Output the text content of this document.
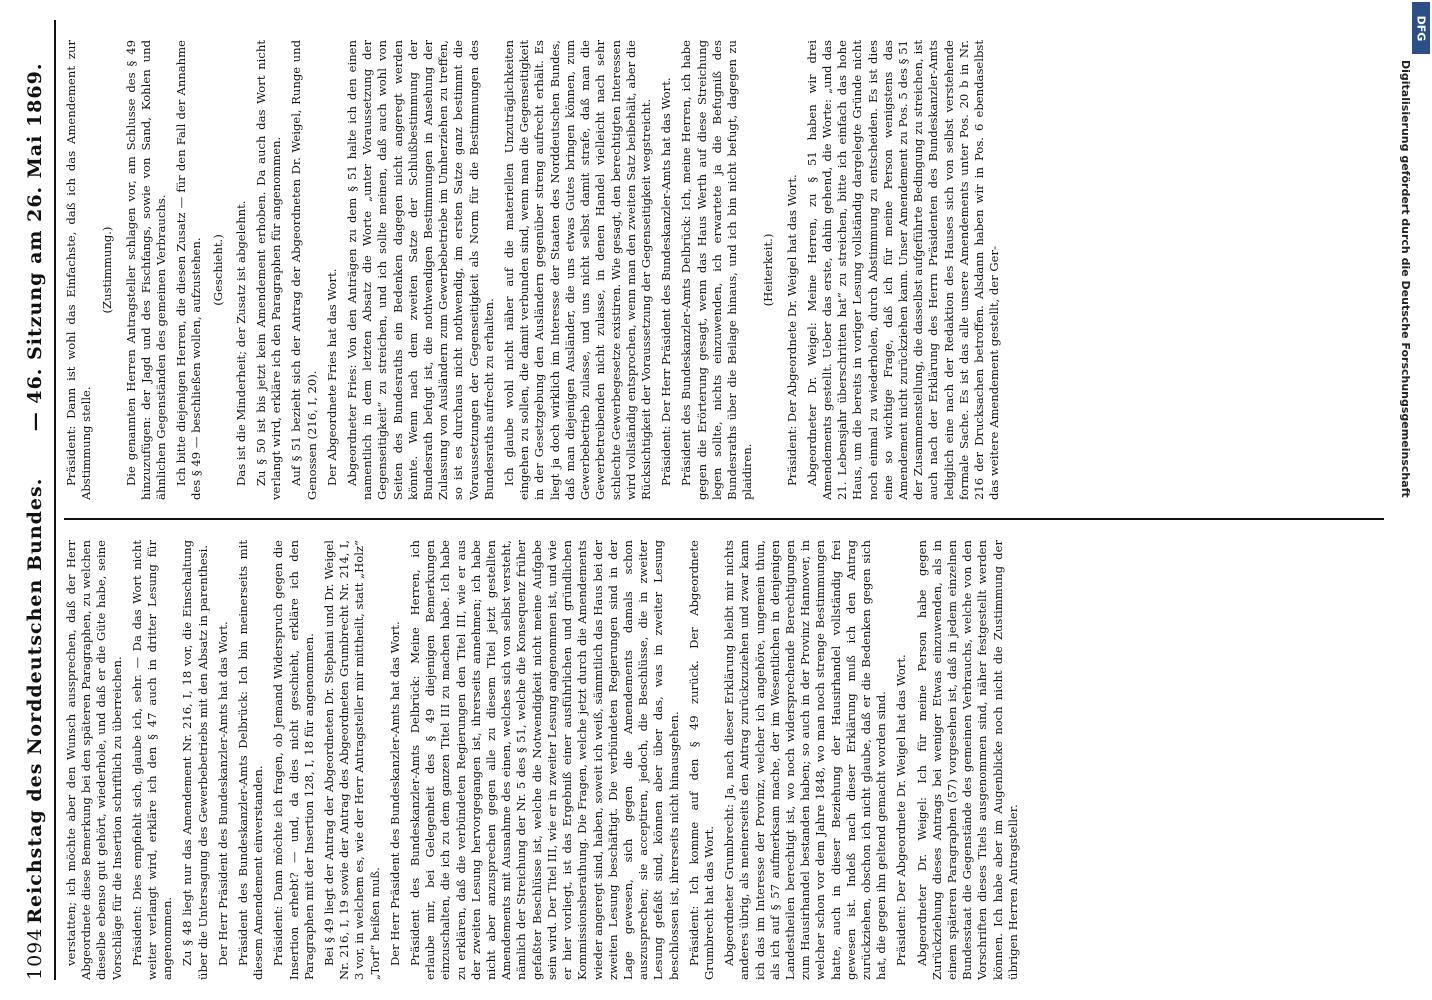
1094
Reichstag des Norddeutschen Bundes.
— 46. Sitzung am 26. Mai 1869.

verstatten; ich möchte aber den Wunsch aussprechen, daß der Herr Abgeordnete diese Bemerkung bei den späteren Paragraphen, zu welchen dieselbe ebenso gut gehört, wiederhole, und daß er die Güte habe, seine Vorschläge für die Insertion schriftlich zu überreichen. Präsident: Dies empfiehlt sich, glaube ich, sehr. — Da das Wort nicht weiter verlangt wird, erkläre ich den § 47 auch in dritter Lesung für angenommen. Zu § 48 liegt nur das Amendement Nr. 216, I, 18 vor, die Einschaltung über die Untersagung des Gewerbebetriebs mit den Absatz in parenthesi. Der Herr Präsident des Bundeskanzler-Amts hat das Wort. Präsident des Bundeskanzler-Amts Delbrück: Ich bin meinerseits mit diesem Amendement einverstanden. Präsident: Dann möchte ich fragen, ob Jemand Widerspruch gegen die Insertion erhebt? — und, da dies nicht geschieht, erkläre ich den Paragraphen mit der Insertion 128, I, 18 für angenommen. Bei § 49 liegt der Antrag der Abgeordneten Dr. Stephani und Dr. Weigel Nr. 216, I, 19 sowie der Antrag des Abgeordneten Grumbrecht Nr. 214, I, 3 vor, in welchem es, wie der Herr Antragsteller mir mittheilt, statt „Holz“ „Torf“ heißen muß. Der Herr Präsident des Bundeskanzler-Amts hat das Wort. Präsident des Bundeskanzler-Amts Delbrück: Meine Herren, ich erlaube mir, bei Gelegenheit des § 49 diejenigen Bemerkungen einzuschalten, die ich zu dem ganzen Titel III zu machen habe. Ich habe zu erklären, daß die verbündeten Regierungen den Titel III, wie er aus der zweiten Lesung hervorgegangen ist, ihrerseits annehmen; ich habe nicht aber anzusprechen gegen alle zu diesem Titel jetzt gestellten Amendements mit Ausnahme des einen, welches sich von selbst versteht, nämlich der Streichung der Nr. 5 des § 51, welche die Konsequenz früher gefaßter Beschlüsse ist, welche die Notwendigkeit nicht meine Aufgabe sein wird. Der Titel III, wie er in zweiter Lesung angenommen ist, und wie er hier vorliegt, ist das Ergebniß einer ausführlichen und gründlichen Kommissionsberathung. Die Fragen, welche jetzt durch die Amendements wieder angeregt sind, haben, soweit ich weiß, sämmtlich das Haus bei der zweiten Lesung beschäftigt. Die verbündeten Regierungen sind in der Lage gewesen, sich gegen die Amendements damals schon auszusprechen; sie acceptiren, jedoch, die Beschlüsse, die in zweiter Lesung gefaßt sind, können aber über das, was in zweiter Lesung beschlossen ist, ihrerseits nicht hinausgehen. Präsident: Ich komme auf den § 49 zurück. Der Abgeordnete Grumbrecht hat das Wort. Abgeordneter Grumbrecht: Ja, nach dieser Erklärung bleibt mir nichts anderes übrig, als meinerseits den Antrag zurückzuziehen und zwar kann ich das im Interesse der Provinz, welcher ich angehöre, ungemein thun, als ich auf § 57 aufmerksam mache, der im Wesentlichen in denjenigen Landestheilen berechtigt ist, wo noch widersprechende Berechtigungen zum Hausirhandel bestanden haben; so auch in der Provinz Hannover, in welcher schon vor dem Jahre 1848, wo man noch strenge Bestimmungen hatte, auch in dieser Beziehung der Hausirhandel vollständig frei gewesen ist. Indeß nach dieser Erklärung muß ich den Antrag zurückziehen, obschon ich nicht glaube, daß er die Bedenken gegen sich hat, die gegen ihn geltend gemacht worden sind. Präsident: Der Abgeordnete Dr. Weigel hat das Wort. Abgeordneter Dr. Weigel: Ich für meine Person habe gegen Zurückziehung dieses Antrags bei weniger Etwas einzuwenden, als in einem späteren Paragraphen (57) vorgesehen ist, daß in jedem einzelnen Bundesstaat die Gegenstände des gemeinen Verbrauchs, welche von den Vorschriften dieses Titels ausgenommen sind, näher festgestellt werden können. Ich habe aber im Augenblicke noch nicht die Zustimmung der übrigen Herren Antragsteller.

Präsident: Dann ist wohl das Einfachste, daß ich das Amendement zur Abstimmung stelle.

(Zustimmung.) Die genannten Herren Antragsteller schlagen vor, am Schlusse des § 49 hinzuzufügen: der Jagd und des Fischfangs, sowie von Sand, Kohlen und ähnlichen Gegenständen des gemeinen Verbrauchs. Ich bitte diejenigen Herren, die diesen Zusatz — für den Fall der Annahme des § 49 — beschließen wollen, aufzustehen. (Geschieht.) Das ist die Minderheit; der Zusatz ist abgelehnt. Zu § 50 ist bis jetzt kein Amendement erhoben. Da auch das Wort nicht verlangt wird, erkläre ich den Paragraphen für angenommen. Auf § 51 bezieht sich der Antrag der Abgeordneten Dr. Weigel, Runge und Genossen (216, I, 20). Der Abgeordnete Fries hat das Wort. Abgeordneter Fries: Von den Anträgen zu dem § 51 halte ich den einen namentlich in dem letzten Absatz die Worte „unter Voraussetzung der Gegenseitigkeit“ zu streichen, und ich sollte meinen, daß auch wohl von Seiten des Bundesraths ein Bedenken dagegen nicht angeregt werden könnte. Wenn nach dem zweiten Satze der Schlußbestimmung der Bundesrath befugt ist, die nothwendigen Bestimmungen in Ansehung der Zulassung von Ausländern zum Gewerbebetriebe im Umherziehen zu treffen, so ist es durchaus nicht nothwendig, im ersten Satze ganz bestimmt die Voraussetzungen der Gegenseitigkeit als Norm für die Bestimmungen des Bundesraths aufrecht zu erhalten. Ich glaube wohl nicht näher auf die materiellen Unzuträglichkeiten eingehen zu sollen, die damit verbunden sind, wenn man die Gegenseitigkeit in der Gesetzgebung den Ausländern gegenüber streng aufrecht erhält. Es liegt ja doch wirklich im Interesse der Staaten des Norddeutschen Bundes, daß man diejenigen Ausländer, die uns etwas Gutes bringen können, zum Gewerbebetrieb zulasse, und uns nicht selbst damit strafe, daß man die Gewerbetreibenden nicht zulasse, in denen Handel vielleicht nach sehr schlechte Gewerbegesetze existiren. Wie gesagt, den berechtigten Interessen wird vollständig entsprochen, wenn man den zweiten Satz beibehält, aber die Rücksichtigkeit der Voraussetzung der Gegenseitigkeit wegstreicht. Präsident: Der Herr Präsident des Bundeskanzler-Amts hat das Wort. Präsident des Bundeskanzler-Amts Delbrück: Ich, meine Herren, ich habe gegen die Erörterung gesagt, wenn das Haus Werth auf diese Streichung legen sollte, nichts einzuwenden, ich erwartete ja die Befugniß des Bundesraths über die Beilage hinaus, und ich bin nicht befugt, dagegen zu plaidiren.

(Heiterkeit.) Präsident: Der Abgeordnete Dr. Weigel hat das Wort. Abgeordneter Dr. Weigel: Meine Herren, zu § 51 haben wir drei Amendements gestellt. Ueber das erste, dahin gehend, die Worte: „und das 21. Lebensjahr überschritten hat“ zu streichen, bitte ich einfach das hohe Haus, um die bereits in voriger Lesung vollständig dargelegte Gründe nicht noch einmal zu wiederholen, durch Abstimmung zu entscheiden. Es ist dies eine so wichtige Frage, daß ich für meine Person wenigstens das Amendement nicht zurückziehen kann. Unser Amendement zu Pos. 5 des § 51 der Zusammenstellung, die dasselbst aufgeführte Bedingung zu streichen, ist auch nach der Erklärung des Herrn Präsidenten des Bundeskanzler-Amts lediglich eine nach der Redaktion des Hauses sich von selbst verstehende formale Sache. Es ist das alle unsere Amendements unter Pos. 20 b in Nr. 216 der Drucksachen betroffen. Alsdann haben wir in Pos. 6 ebendaselbst das weitere Amendement gestellt, der Ger-

DFG
Digitalisierung gefördert durch die Deutsche Forschungsgemeinschaft
